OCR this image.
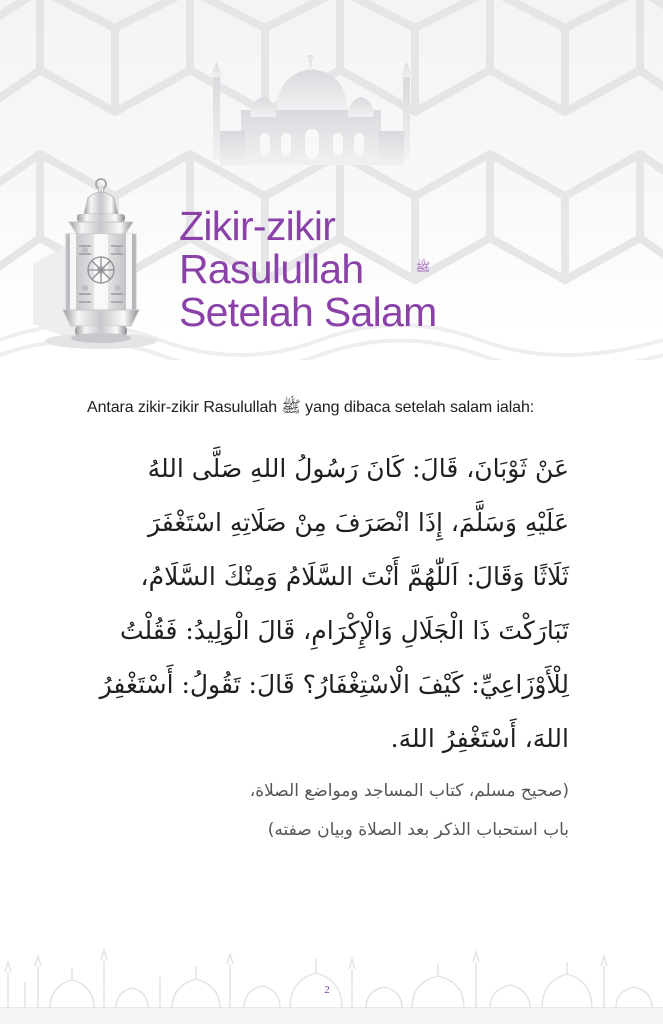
Zikir-zikir
Rasulullah
Setelah Salam
ﷺ
Antara zikir-zikir Rasulullah ﷺ yang dibaca setelah salam ialah:
عَنْ ثَوْبَانَ، قَالَ: كَانَ رَسُولُ اللهِ صَلَّى اللهُ
عَلَيْهِ وَسَلَّمَ، إِذَا انْصَرَفَ مِنْ صَلَاتِهِ اسْتَغْفَرَ
ثَلَاثًا وَقَالَ: اَللّٰهُمَّ أَنْتَ السَّلَامُ وَمِنْكَ السَّلَامُ،
تَبَارَكْتَ ذَا الْجَلَالِ وَالْإِكْرَامِ، قَالَ الْوَلِيدُ: فَقُلْتُ
لِلْأَوْزَاعِيِّ: كَيْفَ الْاسْتِغْفَارُ؟ قَالَ: تَقُولُ: أَسْتَغْفِرُ
اللهَ، أَسْتَغْفِرُ اللهَ.
(صحيح مسلم، كتاب المساجد ومواضع الصلاة،
باب استحباب الذكر بعد الصلاة وبيان صفته)
2
